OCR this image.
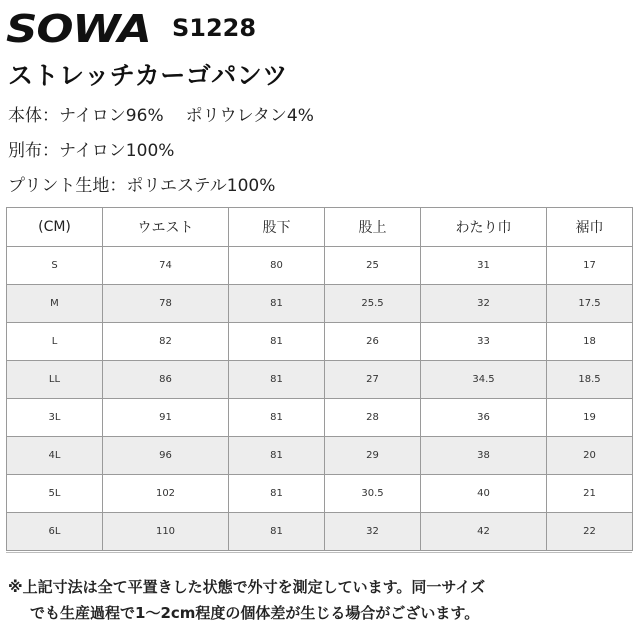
SOWA S1228
ストレッチカーゴパンツ
本体：ナイロン96% ポリウレタン4%
別布：ナイロン100%
プリント生地：ポリエステル100%
(CM)	ウエスト	股下	股上	わたり巾	裾巾
S	74	80	25	31	17
M	78	81	25.5	32	17.5
L	82	81	26	33	18
LL	86	81	27	34.5	18.5
3L	91	81	28	36	19
4L	96	81	29	38	20
5L	102	81	30.5	40	21
6L	110	81	32	42	22
※上記寸法は全て平置きした状態で外寸を測定しています。同一サイズ
でも生産過程で1〜2cm程度の個体差が生じる場合がございます。
